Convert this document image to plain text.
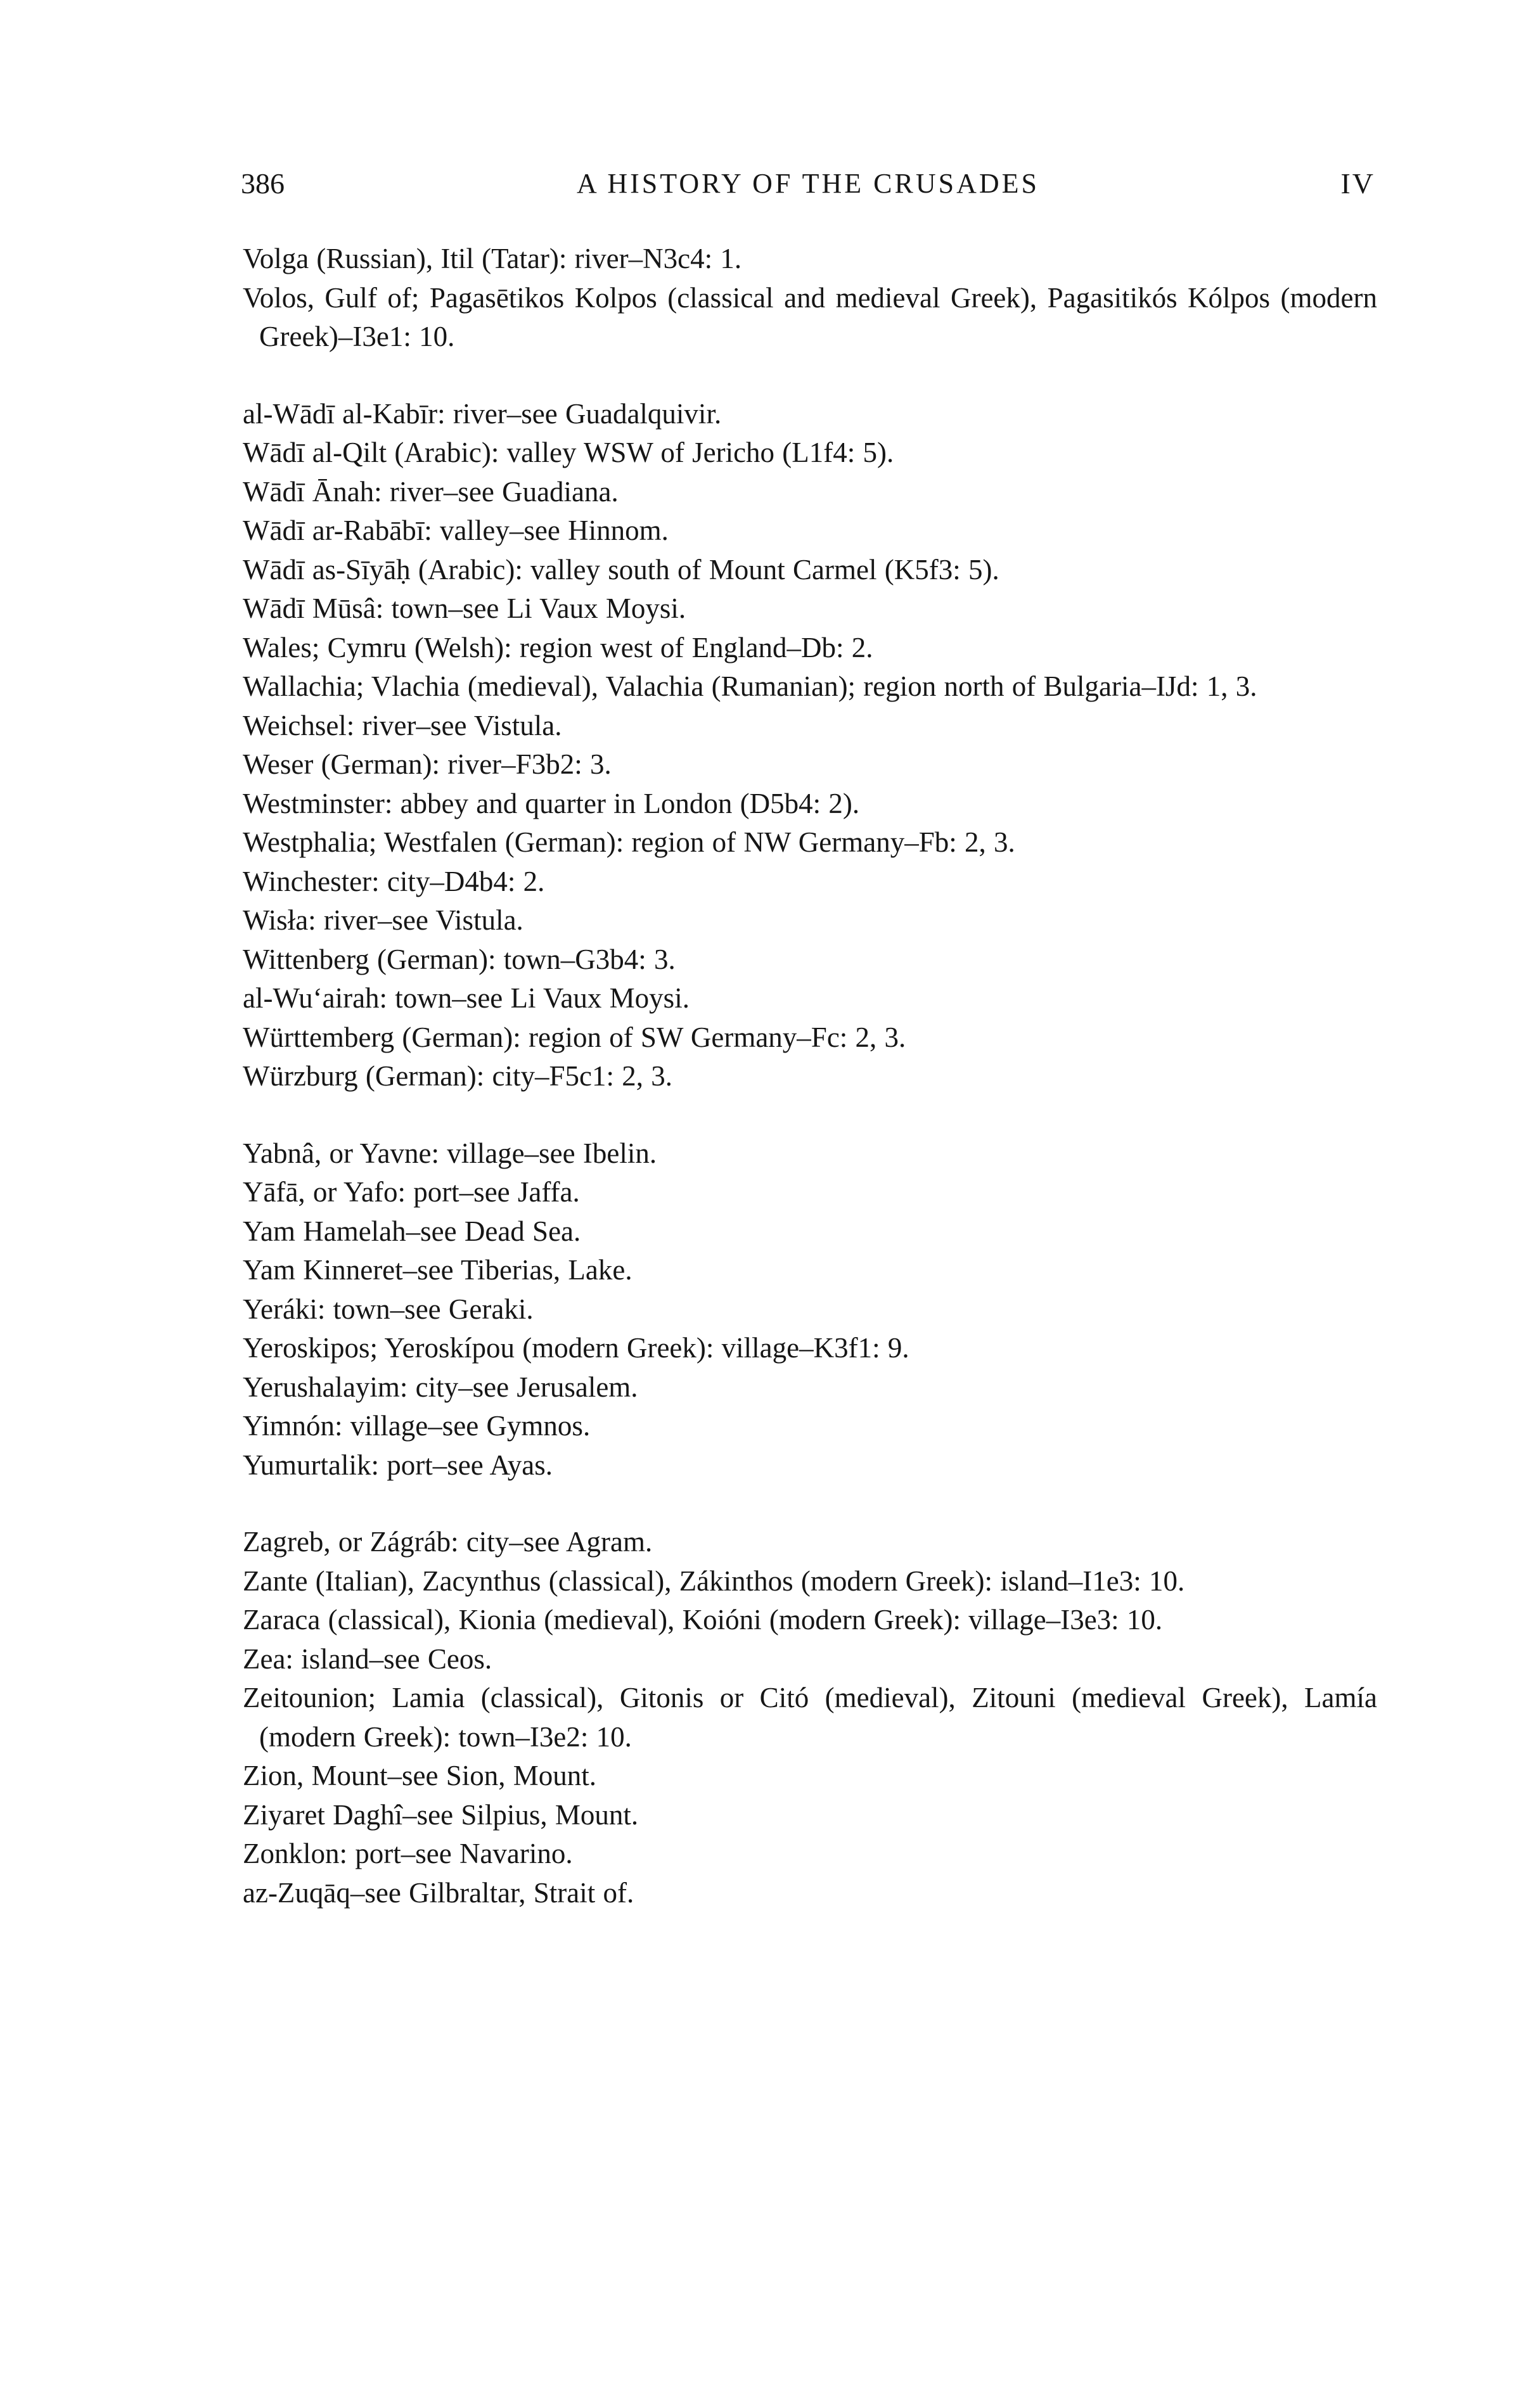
386	A HISTORY OF THE CRUSADES	IV
Volga (Russian), Itil (Tatar): river–N3c4: 1.
Volos, Gulf of; Pagasētikos Kolpos (classical and medieval Greek), Pagasitikós Kólpos (modern Greek)–I3e1: 10.
al-Wādī al-Kabīr: river–see Guadalquivir.
Wādī al-Qilt (Arabic): valley WSW of Jericho (L1f4: 5).
Wādī Ānah: river–see Guadiana.
Wādī ar-Rabābī: valley–see Hinnom.
Wādī as-Sīyāḥ (Arabic): valley south of Mount Carmel (K5f3: 5).
Wādī Mūsâ: town–see Li Vaux Moysi.
Wales; Cymru (Welsh): region west of England–Db: 2.
Wallachia; Vlachia (medieval), Valachia (Rumanian); region north of Bulgaria–IJd: 1, 3.
Weichsel: river–see Vistula.
Weser (German): river–F3b2: 3.
Westminster: abbey and quarter in London (D5b4: 2).
Westphalia; Westfalen (German): region of NW Germany–Fb: 2, 3.
Winchester: city–D4b4: 2.
Wisła: river–see Vistula.
Wittenberg (German): town–G3b4: 3.
al-Wu‘airah: town–see Li Vaux Moysi.
Württemberg (German): region of SW Germany–Fc: 2, 3.
Würzburg (German): city–F5c1: 2, 3.
Yabnâ, or Yavne: village–see Ibelin.
Yāfā, or Yafo: port–see Jaffa.
Yam Hamelah–see Dead Sea.
Yam Kinneret–see Tiberias, Lake.
Yeráki: town–see Geraki.
Yeroskipos; Yeroskípou (modern Greek): village–K3f1: 9.
Yerushalayim: city–see Jerusalem.
Yimnón: village–see Gymnos.
Yumurtalik: port–see Ayas.
Zagreb, or Zágráb: city–see Agram.
Zante (Italian), Zacynthus (classical), Zákinthos (modern Greek): island–I1e3: 10.
Zaraca (classical), Kionia (medieval), Koióni (modern Greek): village–I3e3: 10.
Zea: island–see Ceos.
Zeitounion; Lamia (classical), Gitonis or Citó (medieval), Zitouni (medieval Greek), Lamía (modern Greek): town–I3e2: 10.
Zion, Mount–see Sion, Mount.
Ziyaret Daghî–see Silpius, Mount.
Zonklon: port–see Navarino.
az-Zuqāq–see Gilbraltar, Strait of.
